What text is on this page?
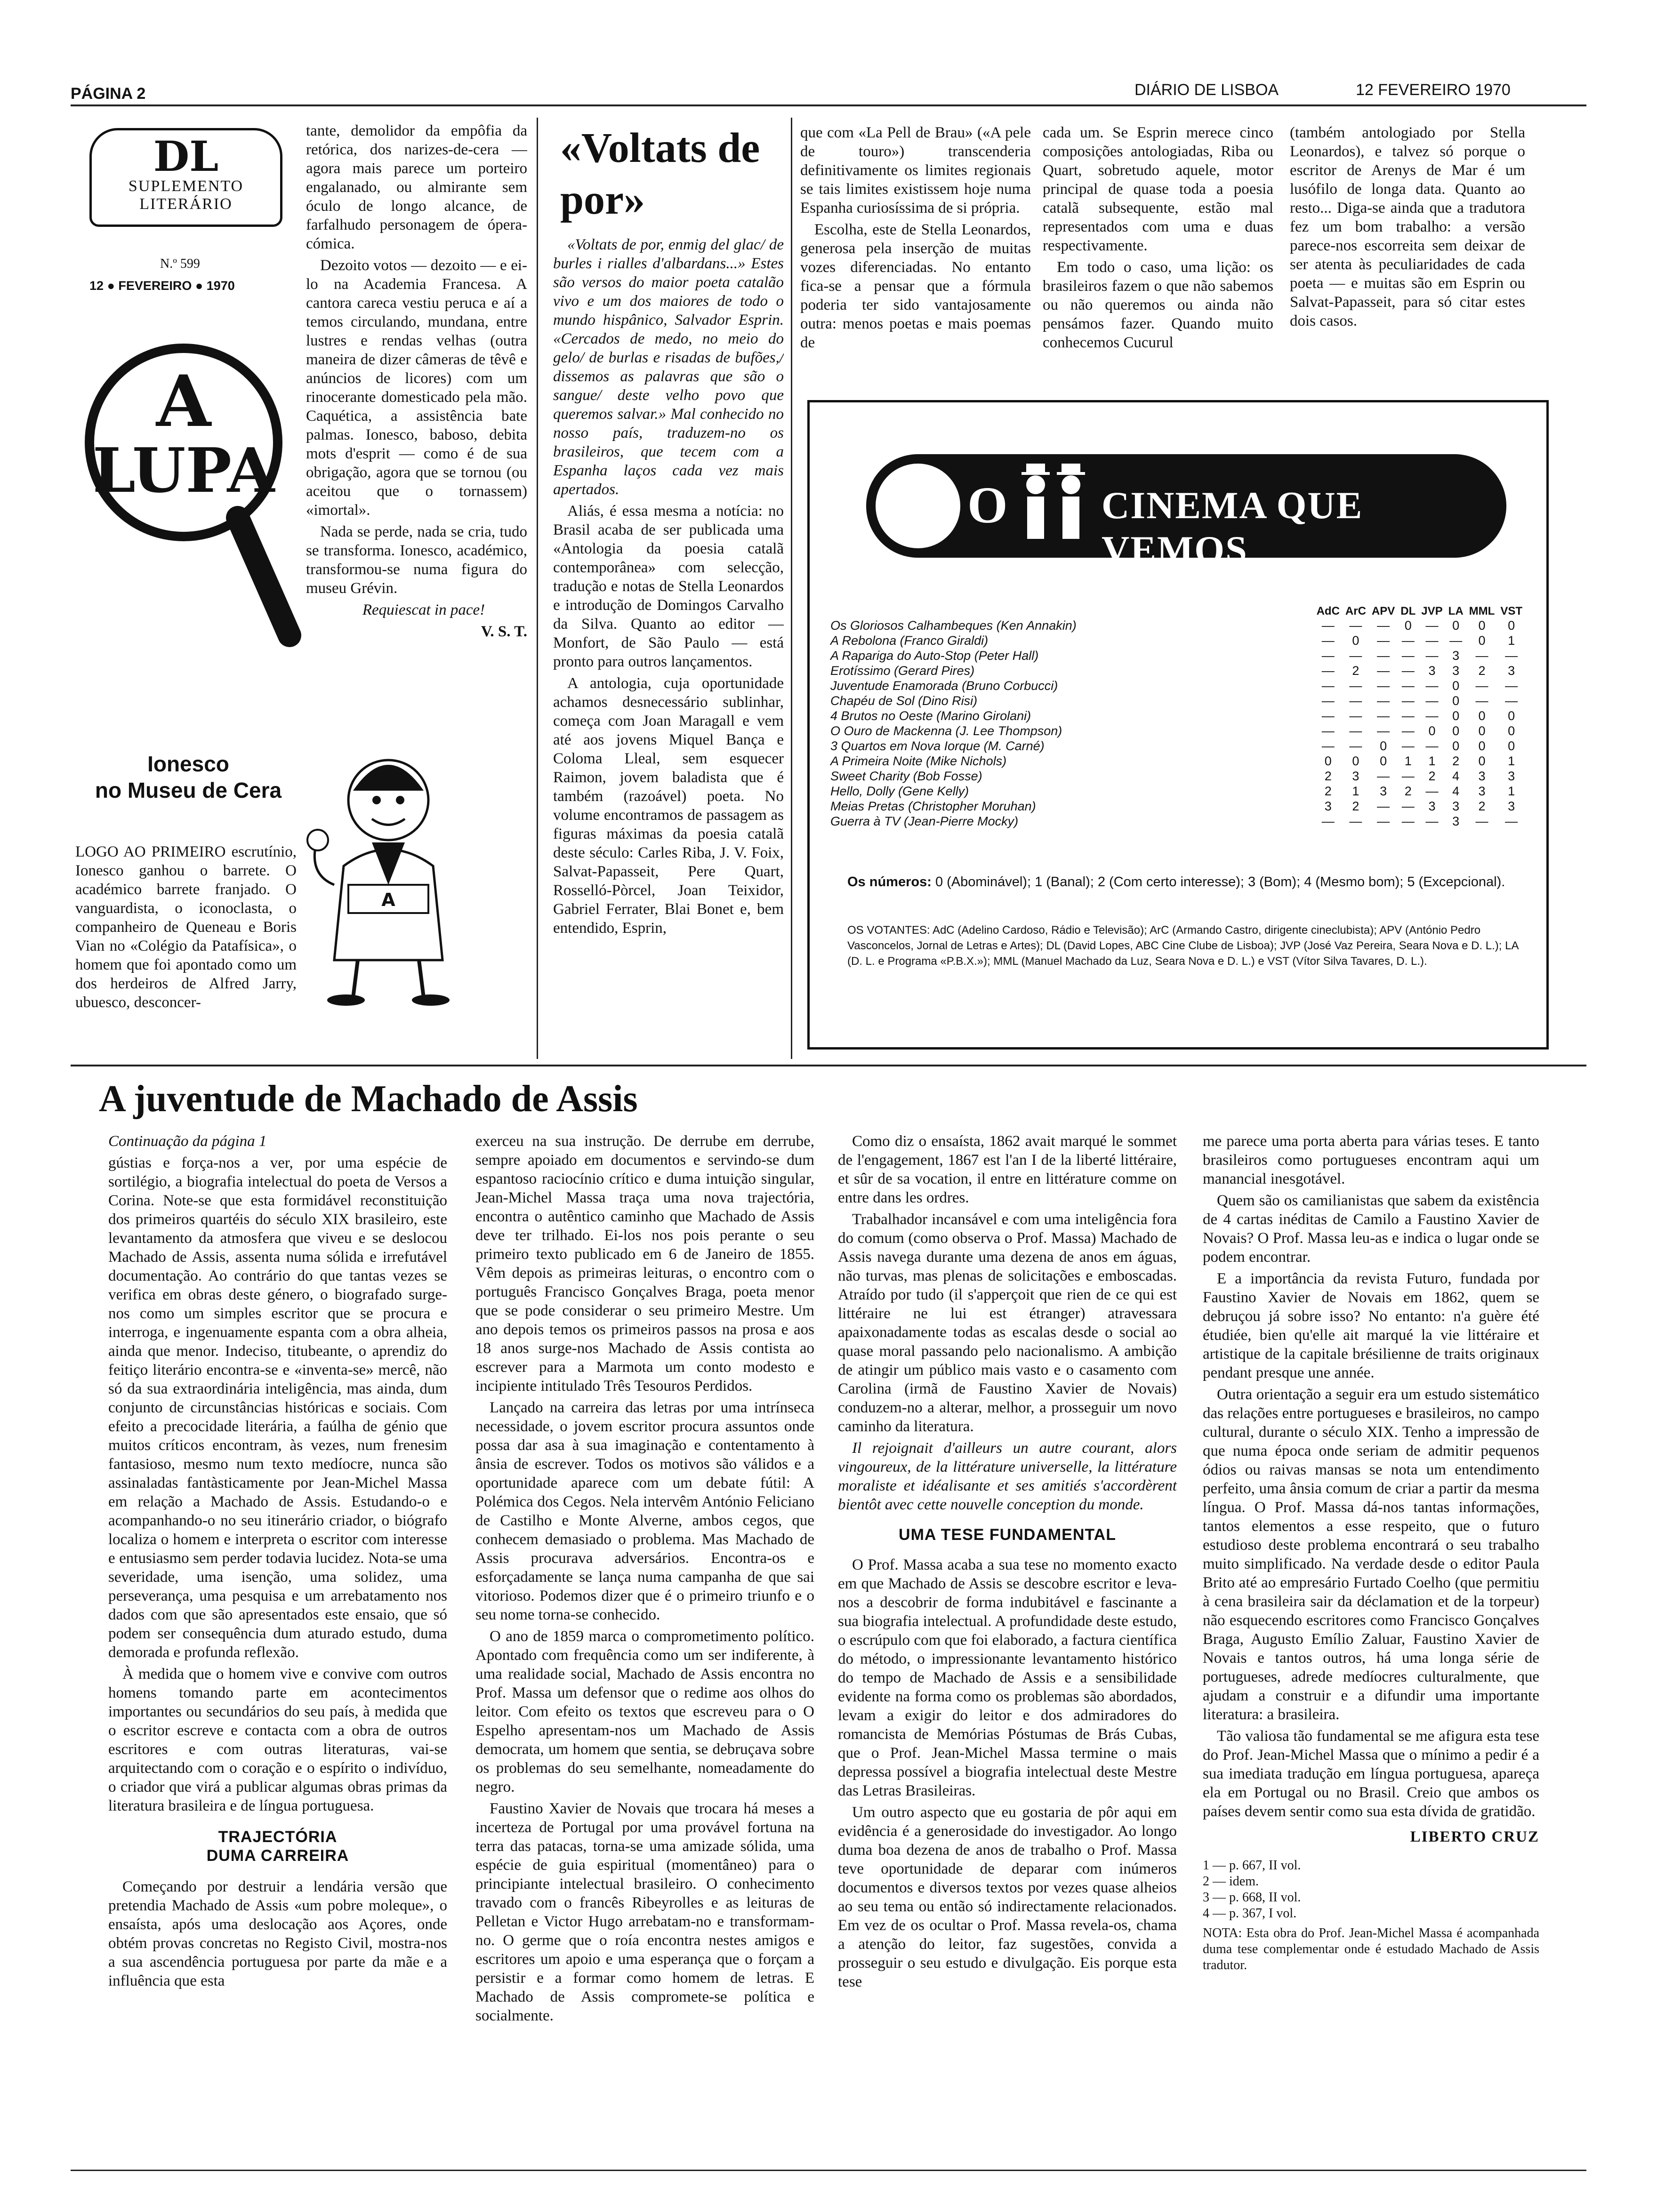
PÁGINA 2	DIÁRIO DE LISBOA	12 FEVEREIRO 1970
DL
SUPLEMENTO
LITERÁRIO
N.º 599
12 ● FEVEREIRO ● 1970
A
LUPA
Ionesco
no Museu de Cera

LOGO AO PRIMEIRO escrutínio, Ionesco ganhou o barrete. O académico barrete franjado. O vanguardista, o iconoclasta, o companheiro de Queneau e Boris Vian no «Colégio da Patafísica», o homem que foi apontado como um dos herdeiros de Alfred Jarry, ubuesco, desconcer-

A

tante, demolidor da empôfia da retórica, dos narizes-de-cera — agora mais parece um porteiro engalanado, ou almirante sem óculo de longo alcance, de farfalhudo personagem de ópera-cómica.

Dezoito votos — dezoito — e ei-lo na Academia Francesa. A cantora careca vestiu peruca e aí a temos circulando, mundana, entre lustres e rendas velhas (outra maneira de dizer câmeras de têvê e anúncios de licores) com um rinocerante domesticado pela mão. Caquética, a assistência bate palmas. Ionesco, baboso, debita mots d'esprit — como é de sua obrigação, agora que se tornou (ou aceitou que o tornassem) «imortal».

Nada se perde, nada se cria, tudo se transforma. Ionesco, académico, transformou-se numa figura do museu Grévin.

Requiescat in pace!

V. S. T.

«Voltats de por»

«Voltats de por, enmig del glac/ de burles i rialles d'albardans...» Estes são versos do maior poeta catalão vivo e um dos maiores de todo o mundo hispânico, Salvador Esprin. «Cercados de medo, no meio do gelo/ de burlas e risadas de bufões,/ dissemos as palavras que são o sangue/ deste velho povo que queremos salvar.» Mal conhecido no nosso país, traduzem-no os brasileiros, que tecem com a Espanha laços cada vez mais apertados.

Aliás, é essa mesma a notícia: no Brasil acaba de ser publicada uma «Antologia da poesia catalã contemporânea» com selecção, tradução e notas de Stella Leonardos e introdução de Domingos Carvalho da Silva. Quanto ao editor — Monfort, de São Paulo — está pronto para outros lançamentos.

A antologia, cuja oportunidade achamos desnecessário sublinhar, começa com Joan Maragall e vem até aos jovens Miquel Bança e Coloma Lleal, sem esquecer Raimon, jovem baladista que é também (razoável) poeta. No volume encontramos de passagem as figuras máximas da poesia catalã deste século: Carles Riba, J. V. Foix, Salvat-Papasseit, Pere Quart, Rosselló-Pòrcel, Joan Teixidor, Gabriel Ferrater, Blai Bonet e, bem entendido, Esprin,

que com «La Pell de Brau» («A pele de touro») transcenderia definitivamente os limites regionais se tais limites existissem hoje numa Espanha curiosíssima de si própria.

Escolha, este de Stella Leonardos, generosa pela inserção de muitas vozes diferenciadas. No entanto fica-se a pensar que a fórmula poderia ter sido vantajosamente outra: menos poetas e mais poemas de

cada um. Se Esprin merece cinco composições antologiadas, Riba ou Quart, sobretudo aquele, motor principal de quase toda a poesia catalã subsequente, estão mal representados com uma e duas respectivamente.

Em todo o caso, uma lição: os brasileiros fazem o que não sabemos ou não queremos ou ainda não pensámos fazer. Quando muito conhecemos Cucurul

(também antologiado por Stella Leonardos), e talvez só porque o escritor de Arenys de Mar é um lusófilo de longa data. Quanto ao resto... Diga-se ainda que a tradutora fez um bom trabalho: a versão parece-nos escorreita sem deixar de ser atenta às peculiaridades de cada poeta — e muitas são em Esprin ou Salvat-Papasseit, para só citar estes dois casos.

O CINEMA QUE VEMOS
	AdC	ArC	APV	DL	JVP	LA	MML	VST
Os Gloriosos Calhambeques (Ken Annakin)	—	—	—	0	—	0	0	0
A Rebolona (Franco Giraldi)	—	0	—	—	—	—	0	1
A Rapariga do Auto-Stop (Peter Hall)	—	—	—	—	—	3	—	—
Erotíssimo (Gerard Pires)	—	2	—	—	3	3	2	3
Juventude Enamorada (Bruno Corbucci)	—	—	—	—	—	0	—	—
Chapéu de Sol (Dino Risi)	—	—	—	—	—	0	—	—
4 Brutos no Oeste (Marino Girolani)	—	—	—	—	—	0	0	0
O Ouro de Mackenna (J. Lee Thompson)	—	—	—	—	0	0	0	0
3 Quartos em Nova Iorque (M. Carné)	—	—	0	—	—	0	0	0
A Primeira Noite (Mike Nichols)	0	0	0	1	1	2	0	1
Sweet Charity (Bob Fosse)	2	3	—	—	2	4	3	3
Hello, Dolly (Gene Kelly)	2	1	3	2	—	4	3	1
Meias Pretas (Christopher Moruhan)	3	2	—	—	3	3	2	3
Guerra à TV (Jean-Pierre Mocky)	—	—	—	—	—	3	—	—
Os números: 0 (Abominável); 1 (Banal); 2 (Com certo interesse); 3 (Bom); 4 (Mesmo bom); 5 (Excepcional).
OS VOTANTES: AdC (Adelino Cardoso, Rádio e Televisão); ArC (Armando Castro, dirigente cineclubista); APV (António Pedro Vasconcelos, Jornal de Letras e Artes); DL (David Lopes, ABC Cine Clube de Lisboa); JVP (José Vaz Pereira, Seara Nova e D. L.); LA (D. L. e Programa «P.B.X.»); MML (Manuel Machado da Luz, Seara Nova e D. L.) e VST (Vítor Silva Tavares, D. L.).
A juventude de Machado de Assis

Continuação da página 1

gústias e força-nos a ver, por uma espécie de sortilégio, a biografia intelectual do poeta de Versos a Corina. Note-se que esta formidável reconstituição dos primeiros quartéis do século XIX brasileiro, este levantamento da atmosfera que viveu e se deslocou Machado de Assis, assenta numa sólida e irrefutável documentação. Ao contrário do que tantas vezes se verifica em obras deste género, o biografado surge-nos como um simples escritor que se procura e interroga, e ingenuamente espanta com a obra alheia, ainda que menor. Indeciso, titubeante, o aprendiz do feitiço literário encontra-se e «inventa-se» mercê, não só da sua extraordinária inteligência, mas ainda, dum conjunto de circunstâncias históricas e sociais. Com efeito a precocidade literária, a faúlha de génio que muitos críticos encontram, às vezes, num frenesim fantasioso, mesmo num texto medíocre, nunca são assinaladas fantàsticamente por Jean-Michel Massa em relação a Machado de Assis. Estudando-o e acompanhando-o no seu itinerário criador, o biógrafo localiza o homem e interpreta o escritor com interesse e entusiasmo sem perder todavia lucidez. Nota-se uma severidade, uma isenção, uma solidez, uma perseverança, uma pesquisa e um arrebatamento nos dados com que são apresentados este ensaio, que só podem ser consequência dum aturado estudo, duma demorada e profunda reflexão.

À medida que o homem vive e convive com outros homens tomando parte em acontecimentos importantes ou secundários do seu país, à medida que o escritor escreve e contacta com a obra de outros escritores e com outras literaturas, vai-se arquitectando com o coração e o espírito o indivíduo, o criador que virá a publicar algumas obras primas da literatura brasileira e de língua portuguesa.

TRAJECTÓRIA
DUMA CARREIRA

Começando por destruir a lendária versão que pretendia Machado de Assis «um pobre moleque», o ensaísta, após uma deslocação aos Açores, onde obtém provas concretas no Registo Civil, mostra-nos a sua ascendência portuguesa por parte da mãe e a influência que esta

exerceu na sua instrução. De derrube em derrube, sempre apoiado em documentos e servindo-se dum espantoso raciocínio crítico e duma intuição singular, Jean-Michel Massa traça uma nova trajectória, encontra o autêntico caminho que Machado de Assis deve ter trilhado. Ei-los nos pois perante o seu primeiro texto publicado em 6 de Janeiro de 1855. Vêm depois as primeiras leituras, o encontro com o português Francisco Gonçalves Braga, poeta menor que se pode considerar o seu primeiro Mestre. Um ano depois temos os primeiros passos na prosa e aos 18 anos surge-nos Machado de Assis contista ao escrever para a Marmota um conto modesto e incipiente intitulado Três Tesouros Perdidos.

Lançado na carreira das letras por uma intrínseca necessidade, o jovem escritor procura assuntos onde possa dar asa à sua imaginação e contentamento à ânsia de escrever. Todos os motivos são válidos e a oportunidade aparece com um debate fútil: A Polémica dos Cegos. Nela intervêm António Feliciano de Castilho e Monte Alverne, ambos cegos, que conhecem demasiado o problema. Mas Machado de Assis procurava adversários. Encontra-os e esforçadamente se lança numa campanha de que sai vitorioso. Podemos dizer que é o primeiro triunfo e o seu nome torna-se conhecido.

O ano de 1859 marca o comprometimento político. Apontado com frequência como um ser indiferente, à uma realidade social, Machado de Assis encontra no Prof. Massa um defensor que o redime aos olhos do leitor. Com efeito os textos que escreveu para o O Espelho apresentam-nos um Machado de Assis democrata, um homem que sentia, se debruçava sobre os problemas do seu semelhante, nomeadamente do negro.

Faustino Xavier de Novais que trocara há meses a incerteza de Portugal por uma provável fortuna na terra das patacas, torna-se uma amizade sólida, uma espécie de guia espiritual (momentâneo) para o principiante intelectual brasileiro. O conhecimento travado com o francês Ribeyrolles e as leituras de Pelletan e Victor Hugo arrebatam-no e transformam-no. O germe que o roía encontra nestes amigos e escritores um apoio e uma esperança que o forçam a persistir e a formar como homem de letras. E Machado de Assis compromete-se política e socialmente.

Como diz o ensaísta, 1862 avait marqué le sommet de l'engagement, 1867 est l'an I de la liberté littéraire, et sûr de sa vocation, il entre en littérature comme on entre dans les ordres.

Trabalhador incansável e com uma inteligência fora do comum (como observa o Prof. Massa) Machado de Assis navega durante uma dezena de anos em águas, não turvas, mas plenas de solicitações e emboscadas. Atraído por tudo (il s'apperçoit que rien de ce qui est littéraire ne lui est étranger) atravessara apaixonadamente todas as escalas desde o social ao quase moral passando pelo nacionalismo. A ambição de atingir um público mais vasto e o casamento com Carolina (irmã de Faustino Xavier de Novais) conduzem-no a alterar, melhor, a prosseguir um novo caminho da literatura.

Il rejoignait d'ailleurs un autre courant, alors vingoureux, de la littérature universelle, la littérature moraliste et idéalisante et ses amitiés s'accordèrent bientôt avec cette nouvelle conception du monde.

UMA TESE FUNDAMENTAL

O Prof. Massa acaba a sua tese no momento exacto em que Machado de Assis se descobre escritor e leva-nos a descobrir de forma indubitável e fascinante a sua biografia intelectual. A profundidade deste estudo, o escrúpulo com que foi elaborado, a factura científica do método, o impressionante levantamento histórico do tempo de Machado de Assis e a sensibilidade evidente na forma como os problemas são abordados, levam a exigir do leitor e dos admiradores do romancista de Memórias Póstumas de Brás Cubas, que o Prof. Jean-Michel Massa termine o mais depressa possível a biografia intelectual deste Mestre das Letras Brasileiras.

Um outro aspecto que eu gostaria de pôr aqui em evidência é a generosidade do investigador. Ao longo duma boa dezena de anos de trabalho o Prof. Massa teve oportunidade de deparar com inúmeros documentos e diversos textos por vezes quase alheios ao seu tema ou então só indirectamente relacionados. Em vez de os ocultar o Prof. Massa revela-os, chama a atenção do leitor, faz sugestões, convida a prosseguir o seu estudo e divulgação. Eis porque esta tese

me parece uma porta aberta para várias teses. E tanto brasileiros como portugueses encontram aqui um manancial inesgotável.

Quem são os camilianistas que sabem da existência de 4 cartas inéditas de Camilo a Faustino Xavier de Novais? O Prof. Massa leu-as e indica o lugar onde se podem encontrar.

E a importância da revista Futuro, fundada por Faustino Xavier de Novais em 1862, quem se debruçou já sobre isso? No entanto: n'a guère été étudiée, bien qu'elle ait marqué la vie littéraire et artistique de la capitale brésilienne de traits originaux pendant presque une année.

Outra orientação a seguir era um estudo sistemático das relações entre portugueses e brasileiros, no campo cultural, durante o século XIX. Tenho a impressão de que numa época onde seriam de admitir pequenos ódios ou raivas mansas se nota um entendimento perfeito, uma ânsia comum de criar a partir da mesma língua. O Prof. Massa dá-nos tantas informações, tantos elementos a esse respeito, que o futuro estudioso deste problema encontrará o seu trabalho muito simplificado. Na verdade desde o editor Paula Brito até ao empresário Furtado Coelho (que permitiu à cena brasileira sair da déclamation et de la torpeur) não esquecendo escritores como Francisco Gonçalves Braga, Augusto Emílio Zaluar, Faustino Xavier de Novais e tantos outros, há uma longa série de portugueses, adrede medíocres culturalmente, que ajudam a construir e a difundir uma importante literatura: a brasileira.

Tão valiosa tão fundamental se me afigura esta tese do Prof. Jean-Michel Massa que o mínimo a pedir é a sua imediata tradução em língua portuguesa, apareça ela em Portugal ou no Brasil. Creio que ambos os países devem sentir como sua esta dívida de gratidão.

LIBERTO CRUZ

1 — p. 667, II vol.
2 — idem.
3 — p. 668, II vol.
4 — p. 367, I vol.
NOTA: Esta obra do Prof. Jean-Michel Massa é acompanhada duma tese complementar onde é estudado Machado de Assis tradutor.
